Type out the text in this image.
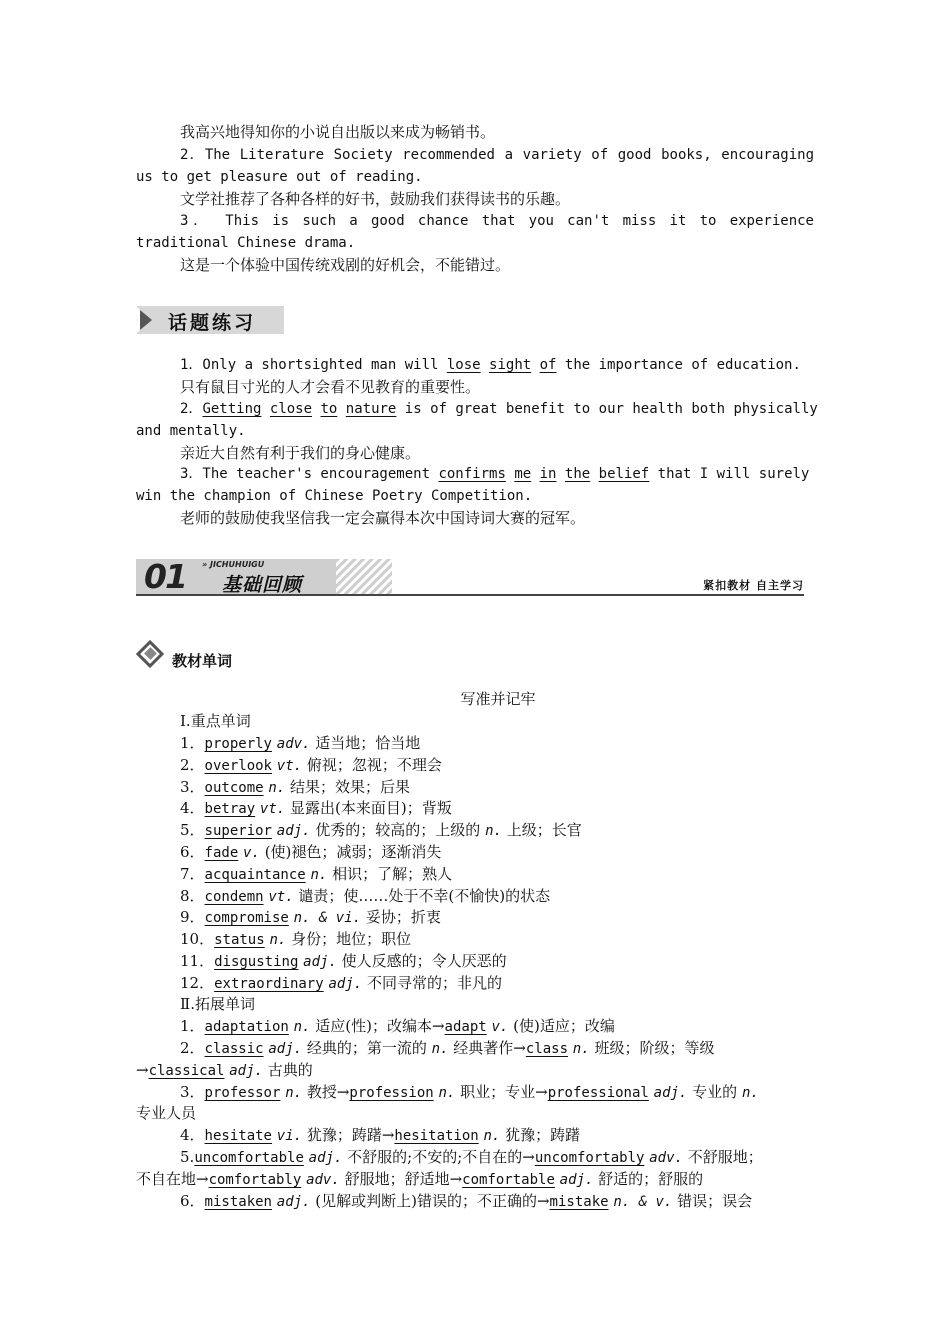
我高兴地得知你的小说自出版以来成为畅销书。
2．The Literature Society recommended a variety of good books, encouraging
us to get pleasure out of reading.
文学社推荐了各种各样的好书，鼓励我们获得读书的乐趣。
3． This is such a good chance that you can't miss it to experience
traditional Chinese drama.
这是一个体验中国传统戏剧的好机会，不能错过。
话题练习
1．Only a shortsighted man will lose sight of the importance of education.
只有鼠目寸光的人才会看不见教育的重要性。
2．Getting close to nature is of great benefit to our health both physically
and mentally.
亲近大自然有利于我们的身心健康。
3．The teacher's encouragement confirms me in the belief that I will surely
win the champion of Chinese Poetry Competition.
老师的鼓励使我坚信我一定会赢得本次中国诗词大赛的冠军。
01 » JICHUHUIGU
基础回顾	紧扣教材 自主学习
教材单词
写准并记牢
Ⅰ.重点单词
1．properly adv. 适当地；恰当地
2．overlook vt. 俯视；忽视；不理会
3．outcome n. 结果；效果；后果
4．betray vt. 显露出(本来面目)；背叛
5．superior adj. 优秀的；较高的；上级的 n. 上级；长官
6．fade v. (使)褪色；减弱；逐渐消失
7．acquaintance n. 相识；了解；熟人
8．condemn vt. 谴责；使……处于不幸(不愉快)的状态
9．compromise n. & vi. 妥协；折衷
10．status n. 身份；地位；职位
11．disgusting adj. 使人反感的；令人厌恶的
12．extraordinary adj. 不同寻常的；非凡的
Ⅱ.拓展单词
1．adaptation n. 适应(性)；改编本→adapt v. (使)适应；改编
2．classic adj. 经典的；第一流的 n. 经典著作→class n. 班级；阶级；等级
→classical adj. 古典的
3．professor n. 教授→profession n. 职业；专业→professional adj. 专业的 n.
专业人员
4．hesitate vi. 犹豫；踌躇→hesitation n. 犹豫；踌躇
5.uncomfortable adj. 不舒服的;不安的;不自在的→uncomfortably adv. 不舒服地；
不自在地→comfortably adv. 舒服地；舒适地→comfortable adj. 舒适的；舒服的
6．mistaken adj. (见解或判断上)错误的；不正确的→mistake n. & v. 错误；误会
